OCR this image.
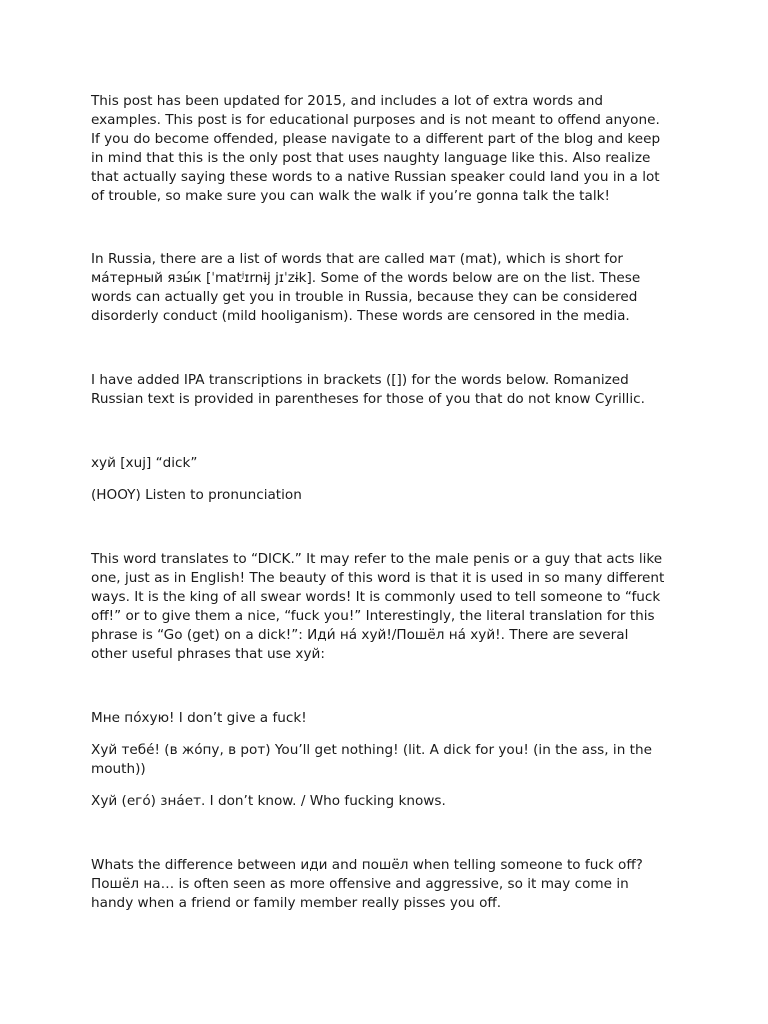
This post has been updated for 2015, and includes a lot of extra words and
examples. This post is for educational purposes and is not meant to offend anyone.
If you do become offended, please navigate to a different part of the blog and keep
in mind that this is the only post that uses naughty language like this. Also realize
that actually saying these words to a native Russian speaker could land you in a lot
of trouble, so make sure you can walk the walk if you’re gonna talk the talk!
In Russia, there are a list of words that are called мат (mat), which is short for
ма́терный язы́к [ˈmatʲɪrnɨj jɪˈzɨk]. Some of the words below are on the list. These
words can actually get you in trouble in Russia, because they can be considered
disorderly conduct (mild hooliganism). These words are censored in the media.
I have added IPA transcriptions in brackets ([]) for the words below. Romanized
Russian text is provided in parentheses for those of you that do not know Cyrillic.
хуй [xuj] “dick”
(HOOY) Listen to pronunciation
This word translates to “DICK.” It may refer to the male penis or a guy that acts like
one, just as in English! The beauty of this word is that it is used in so many different
ways. It is the king of all swear words! It is commonly used to tell someone to “fuck
off!” or to give them a nice, “fuck you!” Interestingly, the literal translation for this
phrase is “Go (get) on a dick!”: Иди́ на́ хуй!/Пошёл на́ хуй!. There are several
other useful phrases that use хуй:
Мне по́хую! I don’t give a fuck!
Хуй тебе́! (в жо́пу, в рот) You’ll get nothing! (lit. A dick for you! (in the ass, in the
mouth))
Хуй (его́) зна́ет. I don’t know. / Who fucking knows.
Whats the difference between иди and пошёл when telling someone to fuck off?
Пошёл на… is often seen as more offensive and aggressive, so it may come in
handy when a friend or family member really pisses you off.
